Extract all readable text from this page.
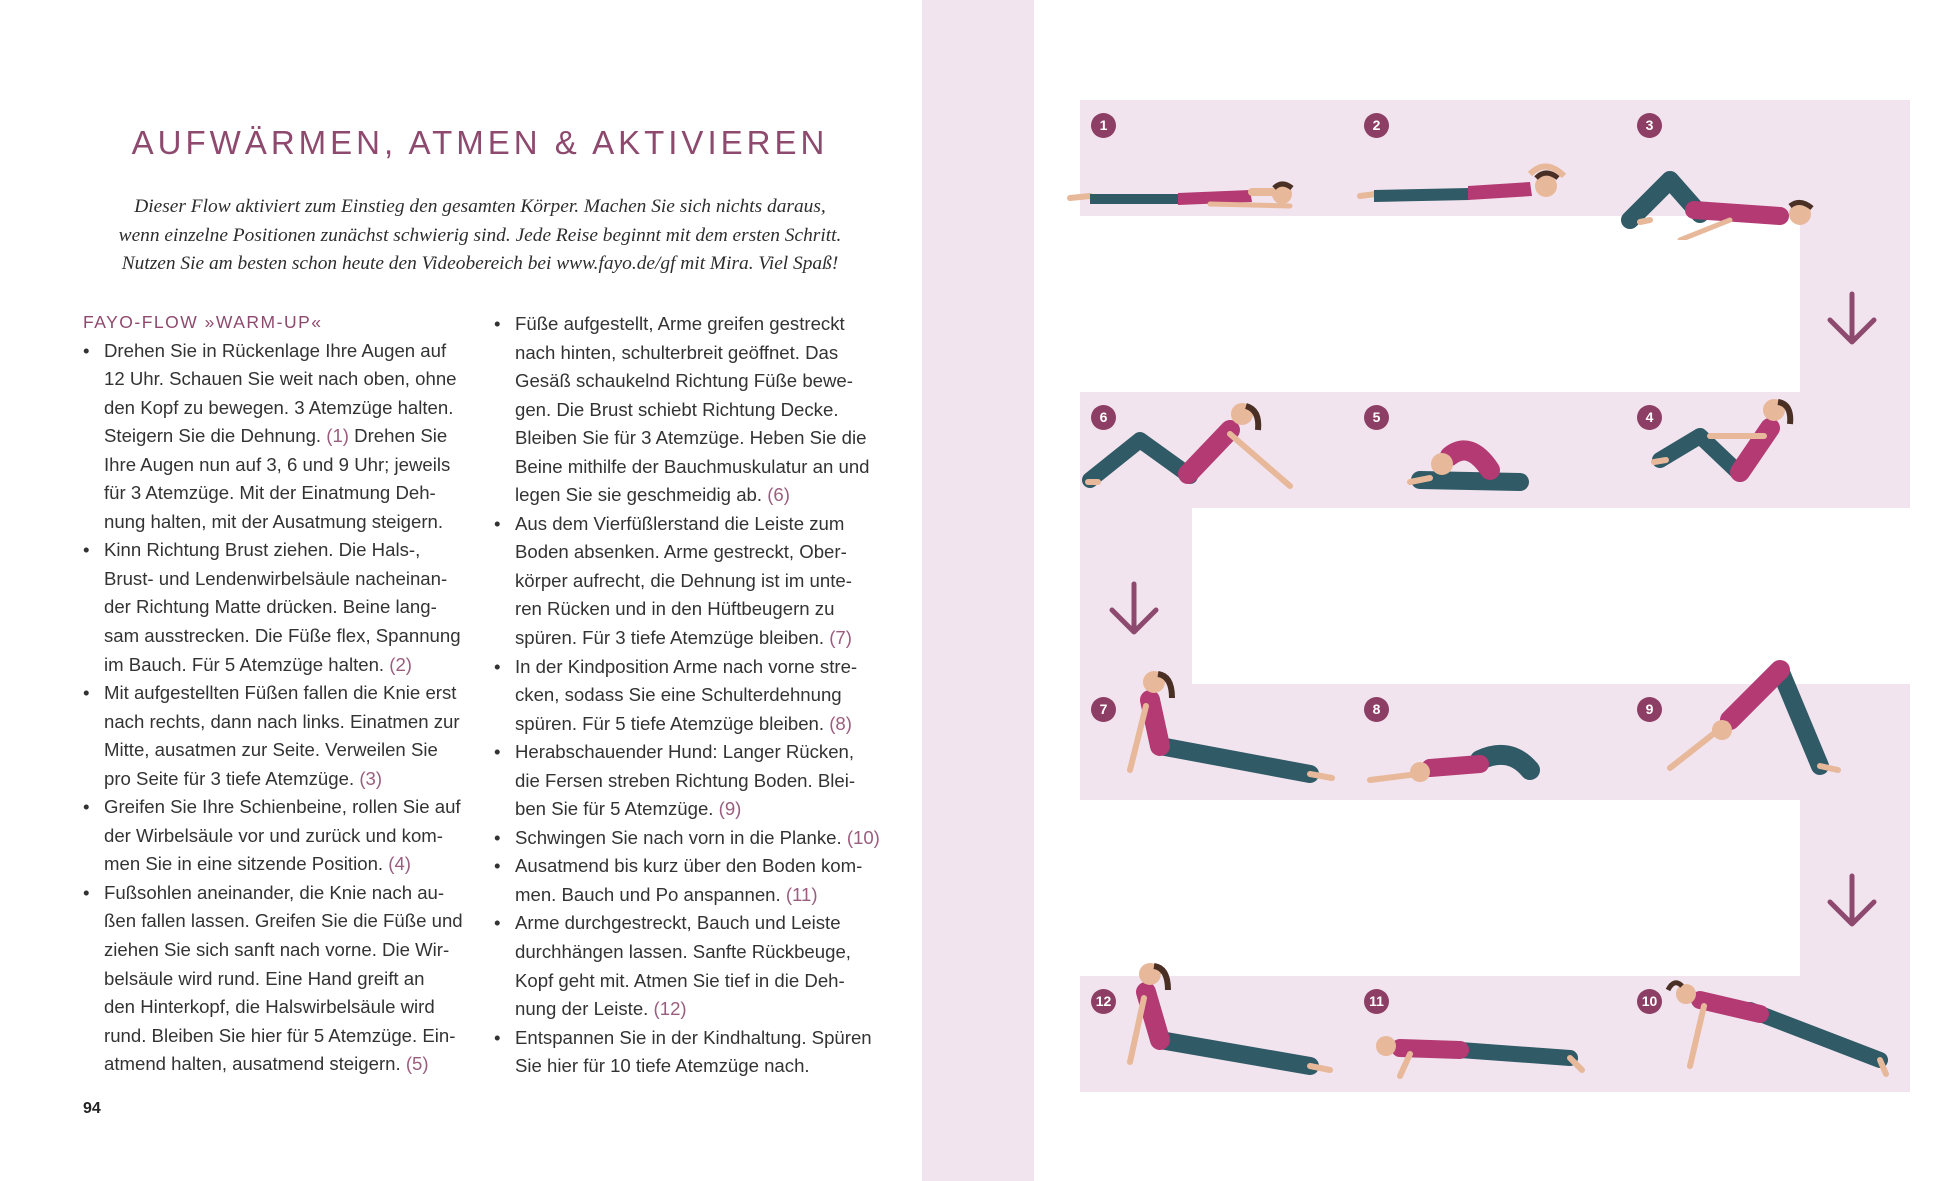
AUFWÄRMEN, ATMEN & AKTIVIEREN
Dieser Flow aktiviert zum Einstieg den gesamten Körper. Machen Sie sich nichts daraus,
wenn einzelne Positionen zunächst schwierig sind. Jede Reise beginnt mit dem ersten Schritt.
Nutzen Sie am besten schon heute den Videobereich bei www.fayo.de/gf mit Mira. Viel Spaß!
FAYO-FLOW »WARM-UP«
• Drehen Sie in Rückenlage Ihre Augen auf
12 Uhr. Schauen Sie weit nach oben, ohne
den Kopf zu bewegen. 3 Atemzüge halten.
Steigern Sie die Dehnung. (1) Drehen Sie
Ihre Augen nun auf 3, 6 und 9 Uhr; jeweils
für 3 Atemzüge. Mit der Einatmung Deh-
nung halten, mit der Ausatmung steigern.
• Kinn Richtung Brust ziehen. Die Hals-,
Brust- und Lendenwirbelsäule nacheinan-
der Richtung Matte drücken. Beine lang-
sam ausstrecken. Die Füße flex, Spannung
im Bauch. Für 5 Atemzüge halten. (2)
• Mit aufgestellten Füßen fallen die Knie erst
nach rechts, dann nach links. Einatmen zur
Mitte, ausatmen zur Seite. Verweilen Sie
pro Seite für 3 tiefe Atemzüge. (3)
• Greifen Sie Ihre Schienbeine, rollen Sie auf
der Wirbelsäule vor und zurück und kom-
men Sie in eine sitzende Position. (4)
• Fußsohlen aneinander, die Knie nach au-
ßen fallen lassen. Greifen Sie die Füße und
ziehen Sie sich sanft nach vorne. Die Wir-
belsäule wird rund. Eine Hand greift an
den Hinterkopf, die Halswirbelsäule wird
rund. Bleiben Sie hier für 5 Atemzüge. Ein-
atmend halten, ausatmend steigern. (5)
• Füße aufgestellt, Arme greifen gestreckt
nach hinten, schulterbreit geöffnet. Das
Gesäß schaukelnd Richtung Füße bewe-
gen. Die Brust schiebt Richtung Decke.
Bleiben Sie für 3 Atemzüge. Heben Sie die
Beine mithilfe der Bauchmuskulatur an und
legen Sie sie geschmeidig ab. (6)
• Aus dem Vierfüßlerstand die Leiste zum
Boden absenken. Arme gestreckt, Ober-
körper aufrecht, die Dehnung ist im unte-
ren Rücken und in den Hüftbeugern zu
spüren. Für 3 tiefe Atemzüge bleiben. (7)
• In der Kindposition Arme nach vorne stre-
cken, sodass Sie eine Schulterdehnung
spüren. Für 5 tiefe Atemzüge bleiben. (8)
• Herabschauender Hund: Langer Rücken,
die Fersen streben Richtung Boden. Blei-
ben Sie für 5 Atemzüge. (9)
• Schwingen Sie nach vorn in die Planke. (10)
• Ausatmend bis kurz über den Boden kom-
men. Bauch und Po anspannen. (11)
• Arme durchgestreckt, Bauch und Leiste
durchhängen lassen. Sanfte Rückbeuge,
Kopf geht mit. Atmen Sie tief in die Deh-
nung der Leiste. (12)
• Entspannen Sie in der Kindhaltung. Spüren
Sie hier für 10 tiefe Atemzüge nach.
94
1	2	3
6	5	4
7	8	9
12	11	10
